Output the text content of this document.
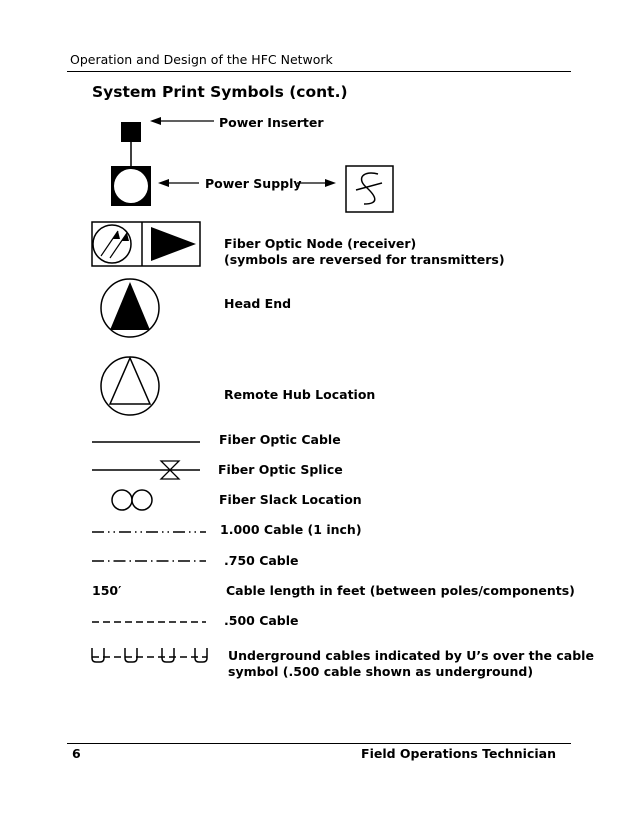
Operation and Design of the HFC Network
System Print Symbols (cont.)
Power Inserter
Power Supply
Fiber Optic Node (receiver)
(symbols are reversed for transmitters)
Head End
Remote Hub Location
Fiber Optic Cable
Fiber Optic Splice
Fiber Slack Location
1.000 Cable (1 inch)
.750 Cable
150′	Cable length in feet (between poles/components)
.500 Cable
Underground cables indicated by U’s over the cable
symbol (.500 cable shown as underground)
6	Field Operations Technician
